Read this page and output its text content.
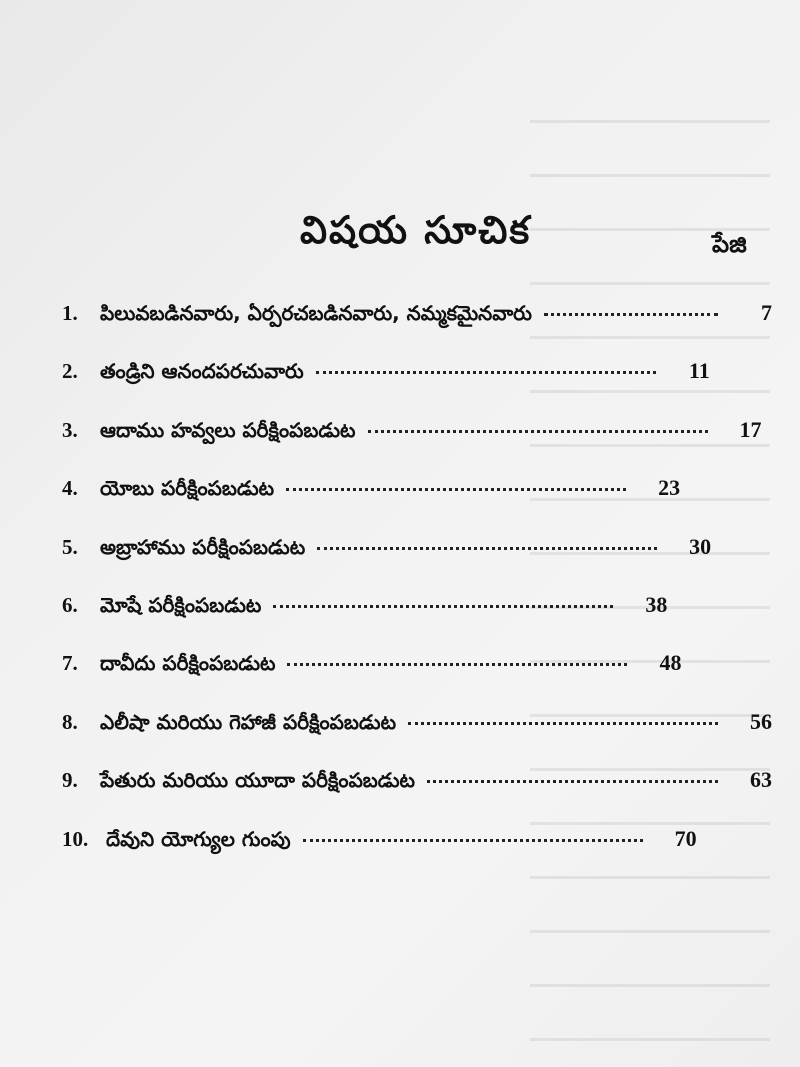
విషయ సూచిక	పేజి
1.	పిలువబడినవారు, ఏర్పరచబడినవారు, నమ్మకమైనవారు	7
2.	తండ్రిని ఆనందపరచువారు	11
3.	ఆదాము హవ్వలు పరీక్షింపబడుట	17
4.	యోబు పరీక్షింపబడుట	23
5.	అబ్రాహాము పరీక్షింపబడుట	30
6.	మోషే పరీక్షింపబడుట	38
7.	దావీదు పరీక్షింపబడుట	48
8.	ఎలీషా మరియు గెహాజీ పరీక్షింపబడుట	56
9.	పేతురు మరియు యూదా పరీక్షింపబడుట	63
10. దేవుని యోగ్యుల గుంపు	70
